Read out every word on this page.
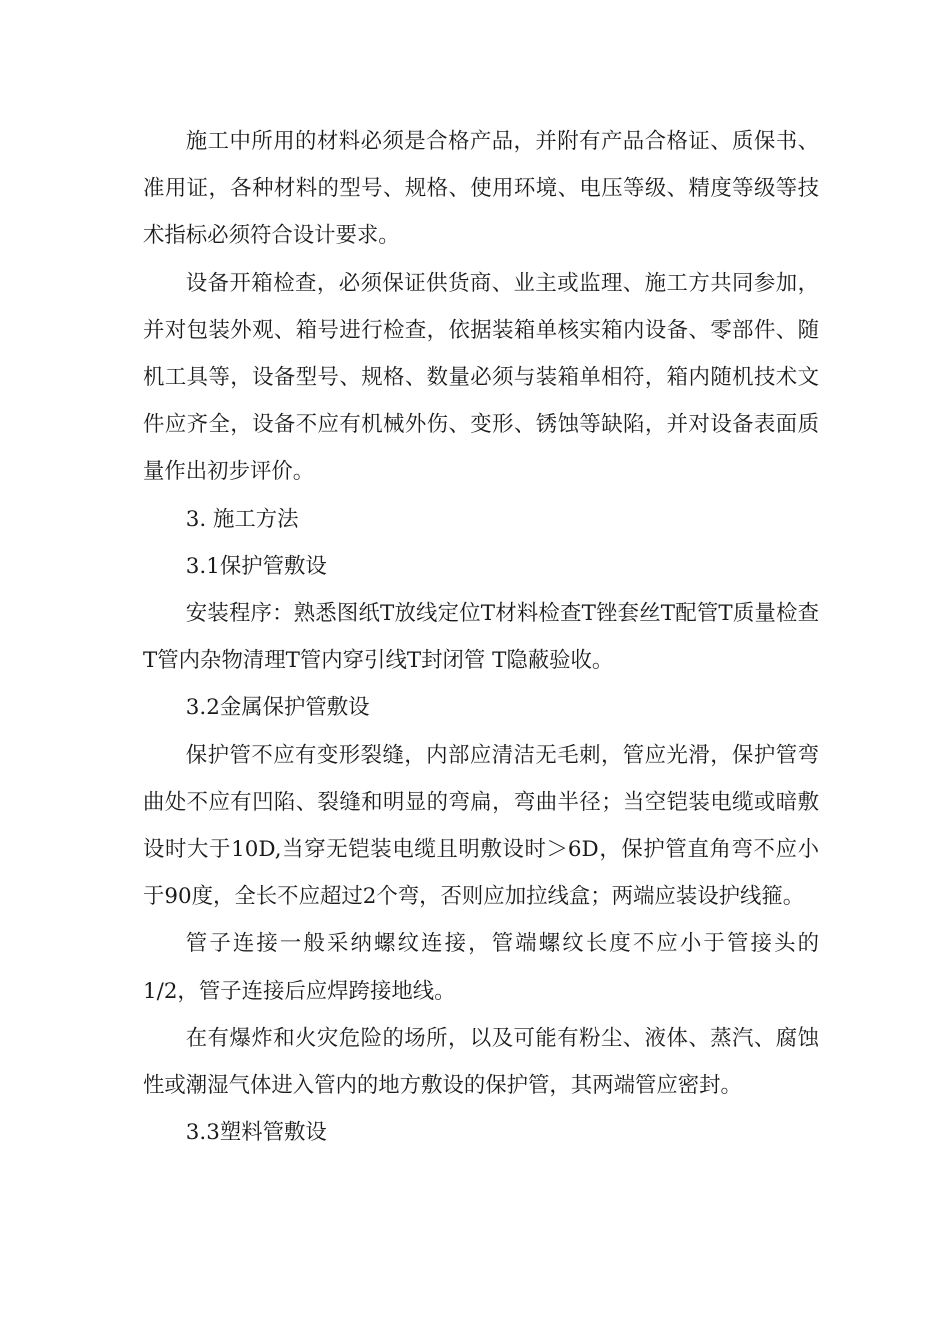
施工中所用的材料必须是合格产品，并附有产品合格证、质保书、准用证，各种材料的型号、规格、使用环境、电压等级、精度等级等技术指标必须符合设计要求。

设备开箱检查，必须保证供货商、业主或监理、施工方共同参加，并对包装外观、箱号进行检查，依据装箱单核实箱内设备、零部件、随机工具等，设备型号、规格、数量必须与装箱单相符，箱内随机技术文件应齐全，设备不应有机械外伤、变形、锈蚀等缺陷，并对设备表面质量作出初步评价。

3. 施工方法

3.1保护管敷设

安装程序：熟悉图纸T放线定位T材料检查T锉套丝T配管T质量检查T管内杂物清理T管内穿引线T封闭管 T隐蔽验收。

3.2金属保护管敷设

保护管不应有变形裂缝，内部应清洁无毛刺，管应光滑，保护管弯曲处不应有凹陷、裂缝和明显的弯扁，弯曲半径；当空铠装电缆或暗敷设时大于10D,当穿无铠装电缆且明敷设时＞6D，保护管直角弯不应小于90度，全长不应超过2个弯，否则应加拉线盒；两端应装设护线箍。

管子连接一般采纳螺纹连接，管端螺纹长度不应小于管接头的1/2，管子连接后应焊跨接地线。

在有爆炸和火灾危险的场所，以及可能有粉尘、液体、蒸汽、腐蚀性或潮湿气体进入管内的地方敷设的保护管，其两端管应密封。

3.3塑料管敷设
